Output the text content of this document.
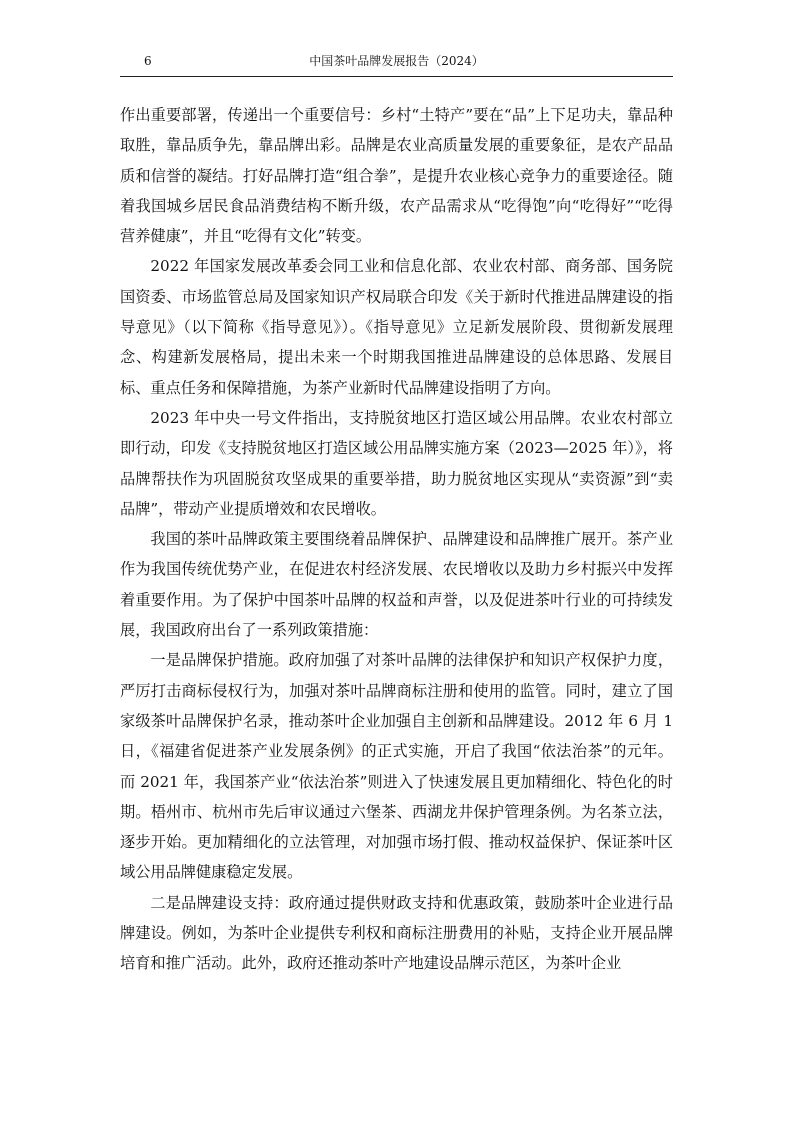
6	中国茶叶品牌发展报告（2024）

作出重要部署，传递出一个重要信号：乡村“土特产”要在“品”上下足功夫，靠品种取胜，靠品质争先，靠品牌出彩。品牌是农业高质量发展的重要象征，是农产品品质和信誉的凝结。打好品牌打造“组合拳”，是提升农业核心竞争力的重要途径。随着我国城乡居民食品消费结构不断升级，农产品需求从“吃得饱”向“吃得好”“吃得营养健康”，并且“吃得有文化”转变。

2022 年国家发展改革委会同工业和信息化部、农业农村部、商务部、国务院国资委、市场监管总局及国家知识产权局联合印发《关于新时代推进品牌建设的指导意见》（以下简称《指导意见》）。《指导意见》立足新发展阶段、贯彻新发展理念、构建新发展格局，提出未来一个时期我国推进品牌建设的总体思路、发展目标、重点任务和保障措施，为茶产业新时代品牌建设指明了方向。

2023 年中央一号文件指出，支持脱贫地区打造区域公用品牌。农业农村部立即行动，印发《支持脱贫地区打造区域公用品牌实施方案（2023—2025 年）》，将品牌帮扶作为巩固脱贫攻坚成果的重要举措，助力脱贫地区实现从“卖资源”到“卖品牌”，带动产业提质增效和农民增收。

我国的茶叶品牌政策主要围绕着品牌保护、品牌建设和品牌推广展开。茶产业作为我国传统优势产业，在促进农村经济发展、农民增收以及助力乡村振兴中发挥着重要作用。为了保护中国茶叶品牌的权益和声誉，以及促进茶叶行业的可持续发展，我国政府出台了一系列政策措施：

一是品牌保护措施。政府加强了对茶叶品牌的法律保护和知识产权保护力度，严厉打击商标侵权行为，加强对茶叶品牌商标注册和使用的监管。同时，建立了国家级茶叶品牌保护名录，推动茶叶企业加强自主创新和品牌建设。2012 年 6 月 1 日，《福建省促进茶产业发展条例》的正式实施，开启了我国“依法治茶”的元年。而 2021 年，我国茶产业“依法治茶”则进入了快速发展且更加精细化、特色化的时期。梧州市、杭州市先后审议通过六堡茶、西湖龙井保护管理条例。为名茶立法，逐步开始。更加精细化的立法管理，对加强市场打假、推动权益保护、保证茶叶区域公用品牌健康稳定发展。

二是品牌建设支持：政府通过提供财政支持和优惠政策，鼓励茶叶企业进行品牌建设。例如，为茶叶企业提供专利权和商标注册费用的补贴，支持企业开展品牌培育和推广活动。此外，政府还推动茶叶产地建设品牌示范区，为茶叶企业
